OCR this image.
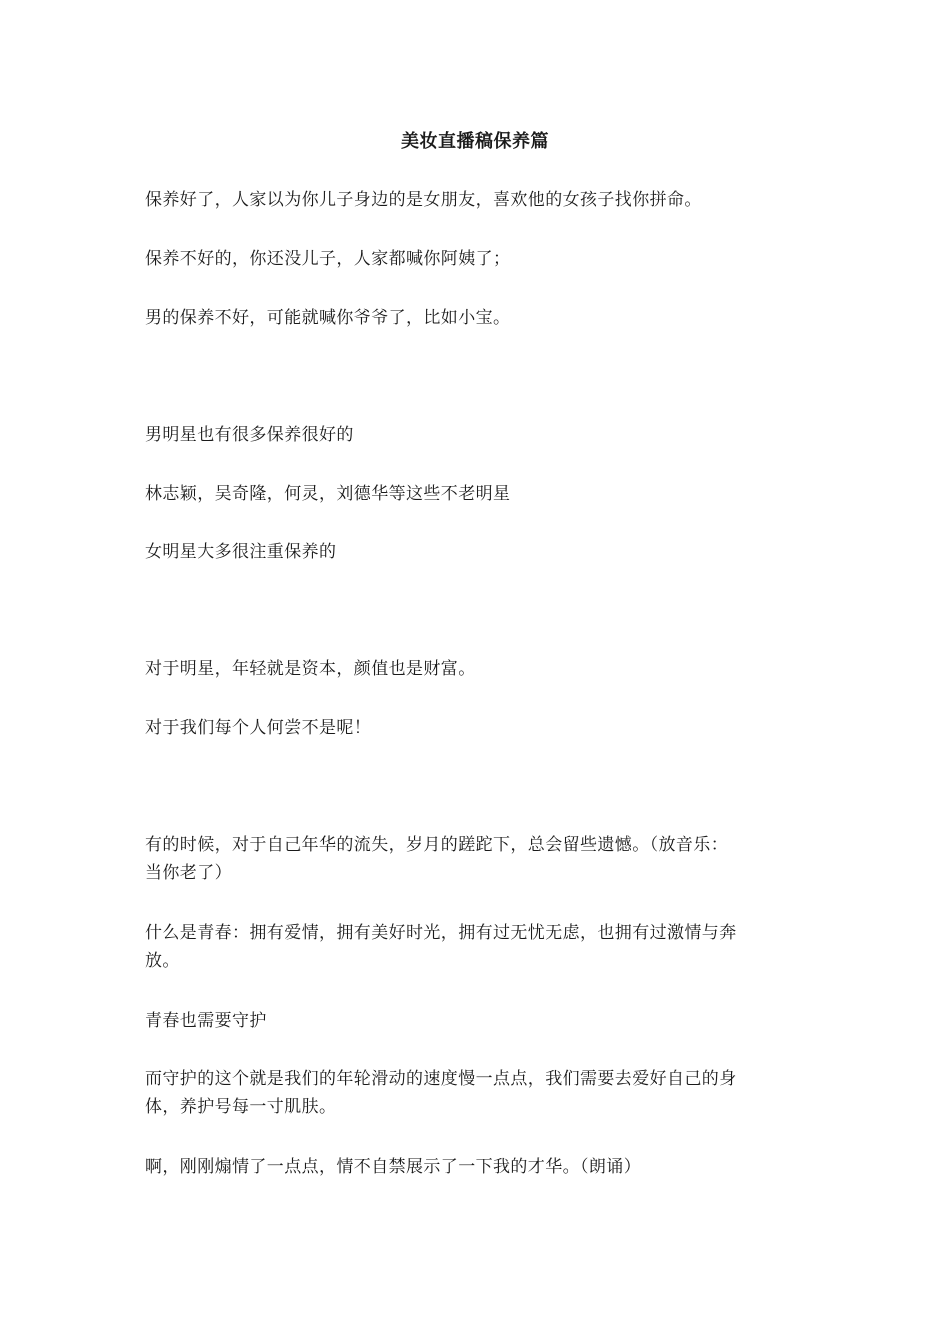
美妆直播稿保养篇
保养好了，人家以为你儿子身边的是女朋友，喜欢他的女孩子找你拼命。
保养不好的，你还没儿子，人家都喊你阿姨了；
男的保养不好，可能就喊你爷爷了，比如小宝。
男明星也有很多保养很好的
林志颖，吴奇隆，何灵，刘德华等这些不老明星
女明星大多很注重保养的
对于明星，年轻就是资本，颜值也是财富。
对于我们每个人何尝不是呢！
有的时候，对于自己年华的流失，岁月的蹉跎下，总会留些遗憾。（放音乐：
当你老了）
什么是青春：拥有爱情，拥有美好时光，拥有过无忧无虑，也拥有过激情与奔
放。
青春也需要守护
而守护的这个就是我们的年轮滑动的速度慢一点点，我们需要去爱好自己的身
体，养护号每一寸肌肤。
啊，刚刚煽情了一点点，情不自禁展示了一下我的才华。（朗诵）
